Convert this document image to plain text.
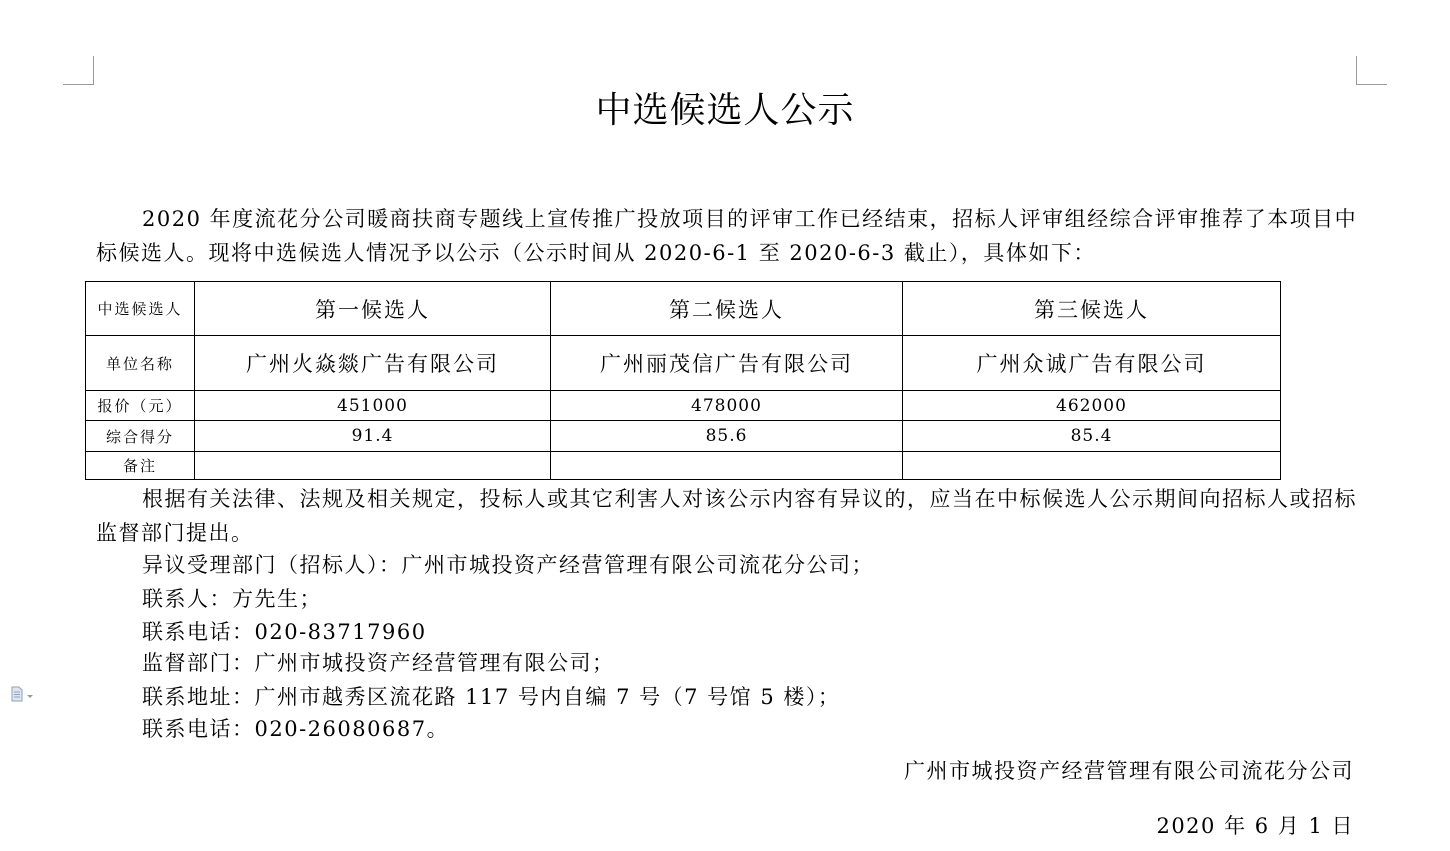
中选候选人公示
2020 年度流花分公司暖商扶商专题线上宣传推广投放项目的评审工作已经结束，招标人评审组经综合评审推荐了本项目中标候选人。现将中选候选人情况予以公示（公示时间从 2020-6-1 至 2020-6-3 截止），具体如下：
中选候选人	第一候选人	第二候选人	第三候选人
单位名称	广州火焱燚广告有限公司	广州丽茂信广告有限公司	广州众诚广告有限公司
报价（元）	451000	478000	462000
综合得分	91.4	85.6	85.4
备注			
根据有关法律、法规及相关规定，投标人或其它利害人对该公示内容有异议的，应当在中标候选人公示期间向招标人或招标监督部门提出。
异议受理部门（招标人）：广州市城投资产经营管理有限公司流花分公司；
联系人：方先生；
联系电话：020-83717960
监督部门：广州市城投资产经营管理有限公司；
联系地址：广州市越秀区流花路 117 号内自编 7 号（7 号馆 5 楼）；
联系电话：020-26080687。
广州市城投资产经营管理有限公司流花分公司
2020 年 6 月 1 日
